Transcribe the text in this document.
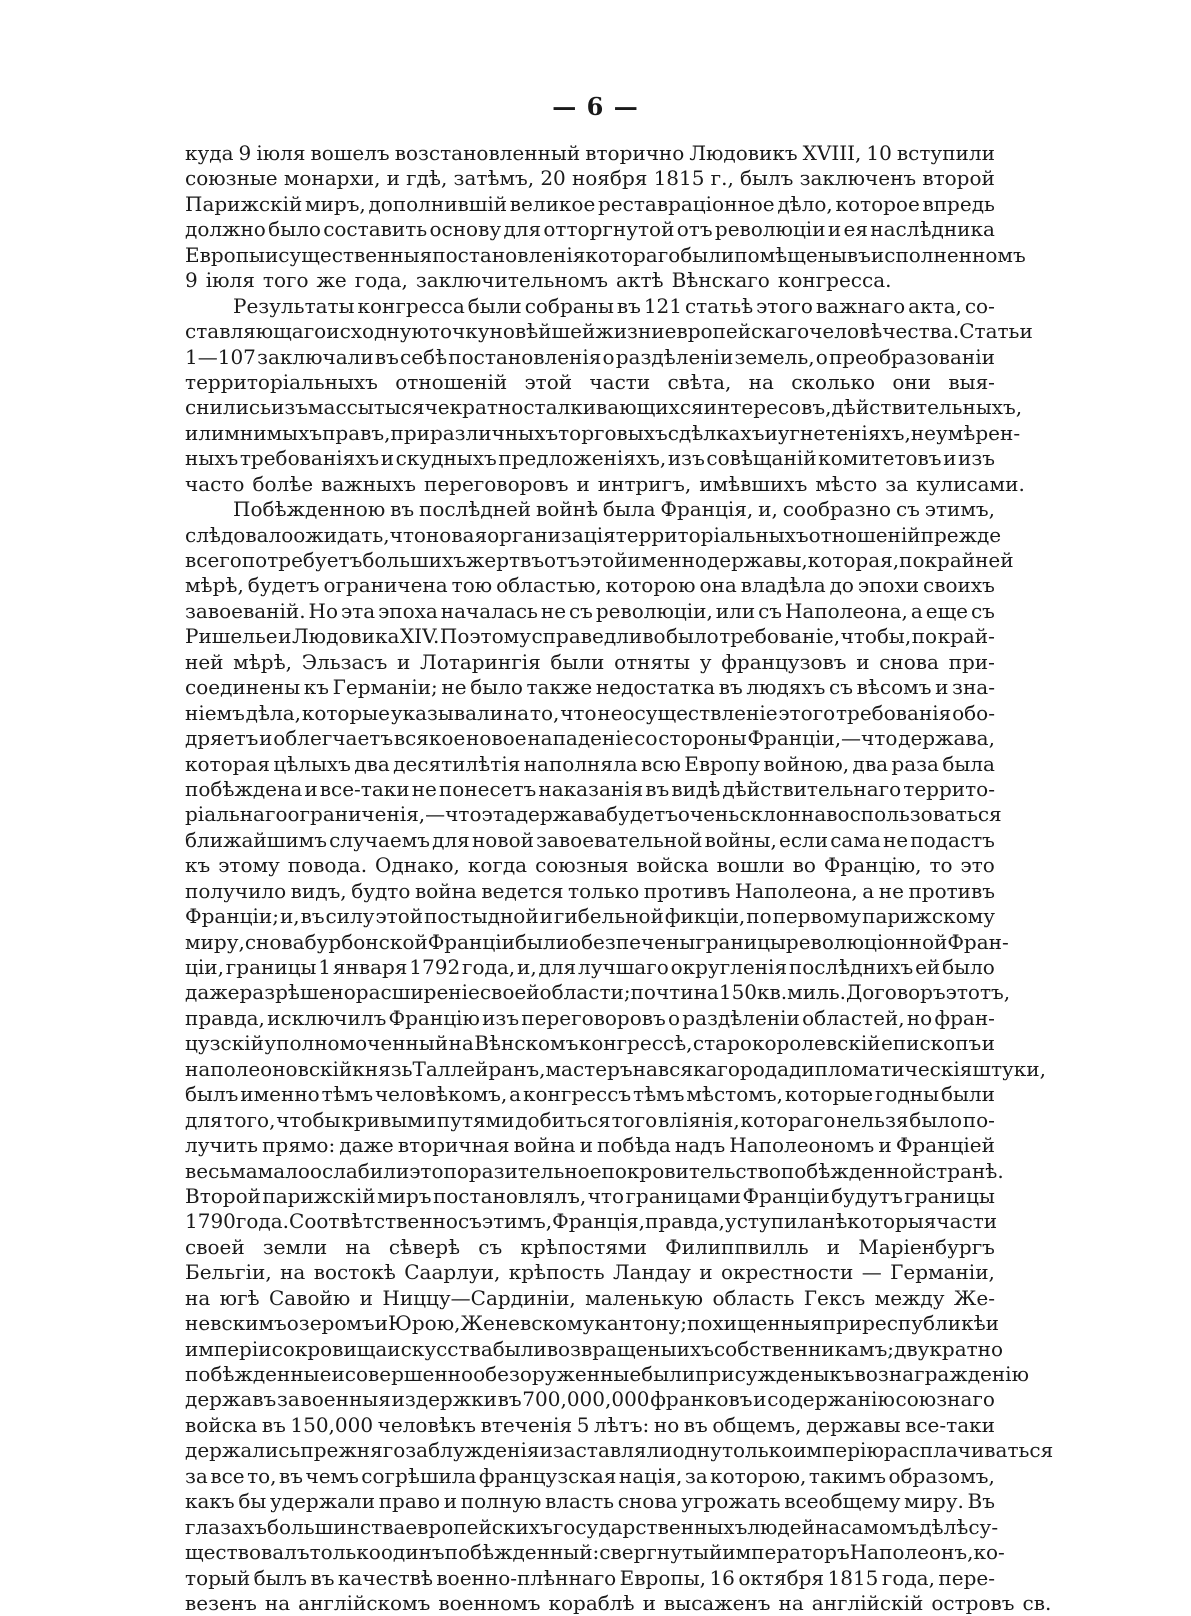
— 6 —
куда 9 іюля вошелъ возстановленный вторично Людовикъ XVIII, 10 вступили
союзные монархи, и гдѣ, затѣмъ, 20 ноября 1815 г., былъ заключенъ второй
Парижскій миръ, дополнившій великое реставраціонное дѣло, которое впредь
должно было составить основу для отторгнутой отъ революціи и ея наслѣдника
Европы и существенныя постановленія котораго были помѣщены въ исполненномъ
9 іюля того же года, заключительномъ актѣ Вѣнскаго конгресса.
Результаты конгресса были собраны въ 121 статьѣ этого важнаго акта, со-
ставляющаго исходную точку новѣйшей жизни европейскаго человѣчества. Статьи
1—107 заключали въ себѣ постановленія о раздѣленіи земель, о преобразованіи
территоріальныхъ отношеній этой части свѣта, на сколько они выя-
снились изъ массы тысячекратно сталкивающихся интересовъ, дѣйствительныхъ,
или мнимыхъ правъ, при различныхъ торговыхъ сдѣлкахъ и угнетеніяхъ, неумѣрен-
ныхъ требованіяхъ и скудныхъ предложеніяхъ, изъ совѣщаній комитетовъ и изъ
часто болѣе важныхъ переговоровъ и интригъ, имѣвшихъ мѣсто за кулисами.
Побѣжденною въ послѣдней войнѣ была Франція, и, сообразно съ этимъ,
слѣдовало ожидать, что новая организація территоріальныхъ отношеній прежде
всего потребуетъ большихъ жертвъ отъ этой именно державы, которая, по крайней
мѣрѣ, будетъ ограничена тою областью, которою она владѣла до эпохи своихъ
завоеваній. Но эта эпоха началась не съ революціи, или съ Наполеона, а еще съ
Ришелье и Людовика XIV. Поэтому справедливо было требованіе, чтобы, по край-
ней мѣрѣ, Эльзасъ и Лотарингія были отняты у французовъ и снова при-
соединены къ Германіи; не было также недостатка въ людяхъ съ вѣсомъ и зна-
ніемъ дѣла, которые указывали на то, что неосуществленіе этого требованія обо-
дряетъ и облегчаетъ всякое новое нападеніе со стороны Франціи,—что держава,
которая цѣлыхъ два десятилѣтія наполняла всю Европу войною, два раза была
побѣждена и все-таки не понесетъ наказанія въ видѣ дѣйствительнаго террито-
ріальнаго ограниченія,—что эта держава будетъ очень склонна воспользоваться
ближайшимъ случаемъ для новой завоевательной войны, если сама не подастъ
къ этому повода. Однако, когда союзныя войска вошли во Францію, то это
получило видъ, будто война ведется только противъ Наполеона, а не противъ
Франціи; и, въ силу этой постыдной и гибельной фикціи, по первому парижскому
миру, снова бурбонской Франціи были обезпечены границы революціонной Фран-
ціи, границы 1 января 1792 года, и, для лучшаго округленія послѣднихъ ей было
даже разрѣшено расширеніе своей области; почти на 150 кв. миль. Договоръ этотъ,
правда, исключилъ Францію изъ переговоровъ о раздѣленіи областей, но фран-
цузскій уполномоченный на Вѣнскомъ конгрессѣ, старокоролевскій епископъ и
наполеоновскій князь Таллейранъ, мастеръ на всякаго рода дипломатическія штуки,
былъ именно тѣмъ человѣкомъ, а конгрессъ тѣмъ мѣстомъ, которые годны были
для того, чтобы кривыми путями добиться того вліянія, котораго нельзя было по-
лучить прямо: даже вторичная война и побѣда надъ Наполеономъ и Франціей
весьма мало ослабили это поразительное покровительство побѣжденной странѣ.
Второй парижскій миръ постановлялъ, что границами Франціи будутъ границы
1790 года. Соотвѣтственно съ этимъ, Франція, правда, уступила нѣкоторыя части
своей земли на сѣверѣ съ крѣпостями Филиппвилль и Маріенбургъ
Бельгіи, на востокѣ Саарлуи, крѣпость Ландау и окрестности — Германіи,
на югѣ Савойю и Ниццу—Сардиніи, маленькую область Гексъ между Же-
невскимъ озеромъ и Юрою, Женевскому кантону; похищенныя при республикѣ и
имперіи сокровища искусства были возвращены ихъ собственникамъ; двукратно
побѣжденные и совершенно обезоруженные были присуждены къ вознагражденію
державъ за военныя издержки въ 700,000,000 франковъ и содержанію союзнаго
войска въ 150,000 человѣкъ втеченія 5 лѣтъ: но въ общемъ, державы все-таки
держались прежняго заблужденія и заставляли одну только имперію расплачиваться
за все то, въ чемъ согрѣшила французская нація, за которою, такимъ образомъ,
какъ бы удержали право и полную власть снова угрожать всеобщему миру. Въ
глазахъ большинства европейскихъ государственныхъ людей на самомъ дѣлѣ су-
ществовалъ только одинъ побѣжденный: свергнутый императоръ Наполеонъ, ко-
торый былъ въ качествѣ военно-плѣннаго Европы, 16 октября 1815 года, пере-
везенъ на англійскомъ военномъ кораблѣ и высаженъ на англійскій островъ св.
